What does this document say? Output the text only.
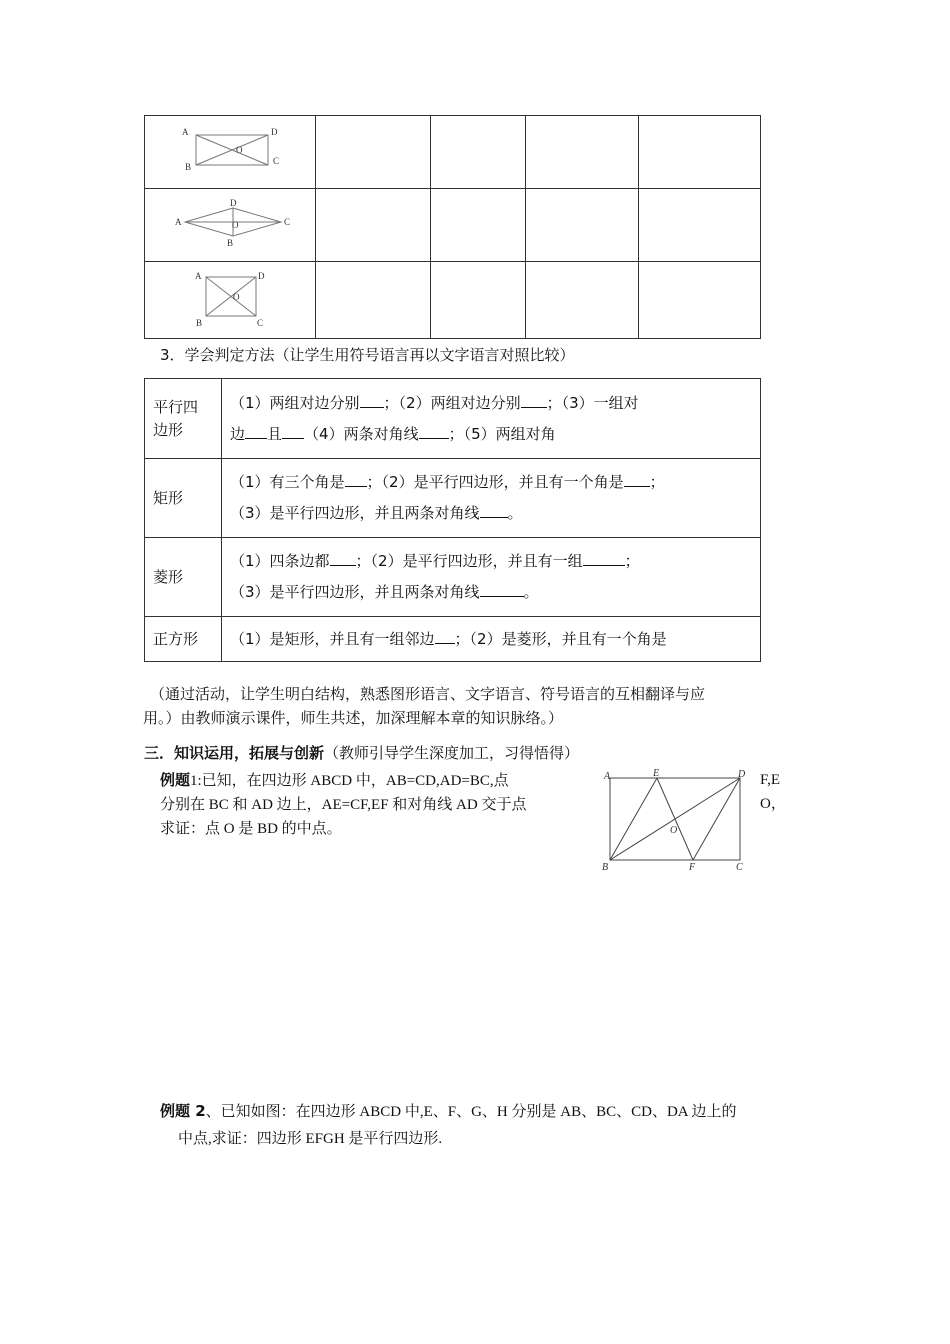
A D
B
C
O				

D
A O C
B				

A D
O
B C				

3．学会判定方法（让学生用符号语言再以文字语言对照比较）
平行四边形	（1）两组对边分别 ；（2）两组对边分别 ；（3）一组对
边 且 （4）两条对角线 ；（5）两组对角

矩形	（1）有三个角是 ；（2）是平行四边形，并且有一个角是 ；
（3）是平行四边形，并且两条对角线 。

菱形	（1）四条边都 ；（2）是平行四边形，并且有一组 ；
（3）是平行四边形，并且两条对角线 。

正方形	（1）是矩形，并且有一组邻边 ；（2）是菱形，并且有一个角是
（通过活动，让学生明白结构，熟悉图形语言、文字语言、符号语言的互相翻译与应
用。）由教师演示课件，师生共述，加深理解本章的知识脉络。）
三．知识运用，拓展与创新（教师引导学生深度加工，习得悟得）
例题1:已知，在四边形 ABCD 中，AB=CD,AD=BC,点
分别在 BC 和 AD 边上，AE=CF,EF 和对角线 AD 交于点
求证：点 O 是 BD 的中点。
F,E
O，
A	E	D
O
B	F	C
例题 2、已知如图：在四边形 ABCD 中,E、F、G、H 分别是 AB、BC、CD、DA 边上的
中点,求证：四边形 EFGH 是平行四边形.
